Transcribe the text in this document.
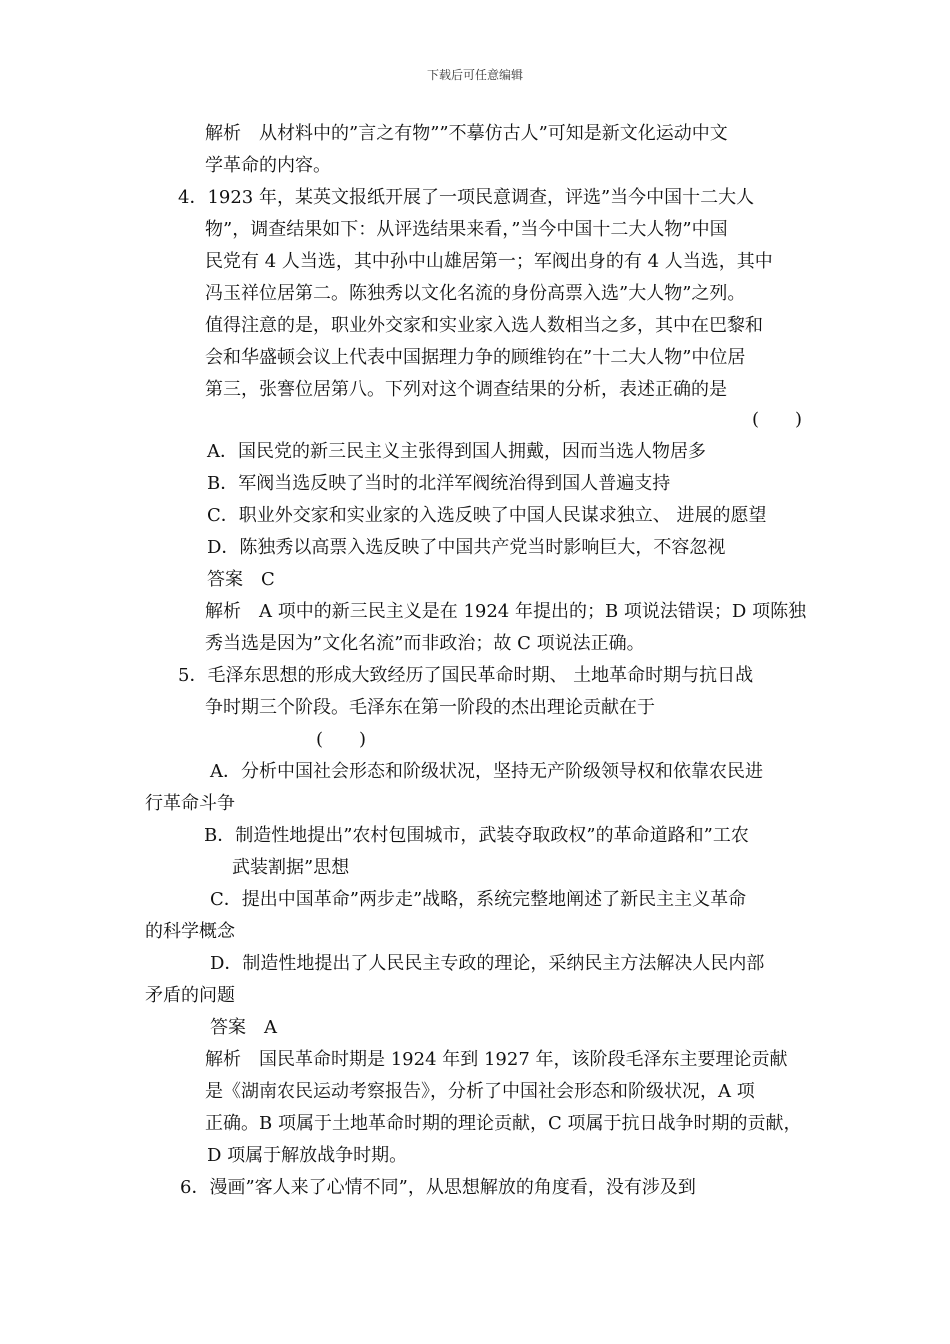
下载后可任意编辑
解析　从材料中的”言之有物””不摹仿古人”可知是新文化运动中文
学革命的内容。
4．1923 年，某英文报纸开展了一项民意调查，评选”当今中国十二大人
物”，调查结果如下：从评选结果来看，”当今中国十二大人物”中国
民党有 4 人当选，其中孙中山雄居第一；军阀出身的有 4 人当选，其中
冯玉祥位居第二。陈独秀以文化名流的身份高票入选”大人物”之列。
值得注意的是，职业外交家和实业家入选人数相当之多，其中在巴黎和
会和华盛顿会议上代表中国据理力争的顾维钧在”十二大人物”中位居
第三，张謇位居第八。下列对这个调查结果的分析，表述正确的是
(　　)
A．国民党的新三民主义主张得到国人拥戴，因而当选人物居多
B．军阀当选反映了当时的北洋军阀统治得到国人普遍支持
C．职业外交家和实业家的入选反映了中国人民谋求独立、 进展的愿望
D．陈独秀以高票入选反映了中国共产党当时影响巨大，不容忽视
答案　C
解析　A 项中的新三民主义是在 1924 年提出的；B 项说法错误；D 项陈独
秀当选是因为”文化名流”而非政治；故 C 项说法正确。
5．毛泽东思想的形成大致经历了国民革命时期、 土地革命时期与抗日战
争时期三个阶段。毛泽东在第一阶段的杰出理论贡献在于
(　　)
A．分析中国社会形态和阶级状况，坚持无产阶级领导权和依靠农民进
行革命斗争
B．制造性地提出”农村包围城市，武装夺取政权”的革命道路和”工农
武装割据”思想
C．提出中国革命”两步走”战略，系统完整地阐述了新民主主义革命
的科学概念
D．制造性地提出了人民民主专政的理论，采纳民主方法解决人民内部
矛盾的问题
答案　A
解析　国民革命时期是 1924 年到 1927 年，该阶段毛泽东主要理论贡献
是《湖南农民运动考察报告》，分析了中国社会形态和阶级状况，A 项
正确。B 项属于土地革命时期的理论贡献，C 项属于抗日战争时期的贡献，
D 项属于解放战争时期。
6．漫画”客人来了心情不同”，从思想解放的角度看，没有涉及到
